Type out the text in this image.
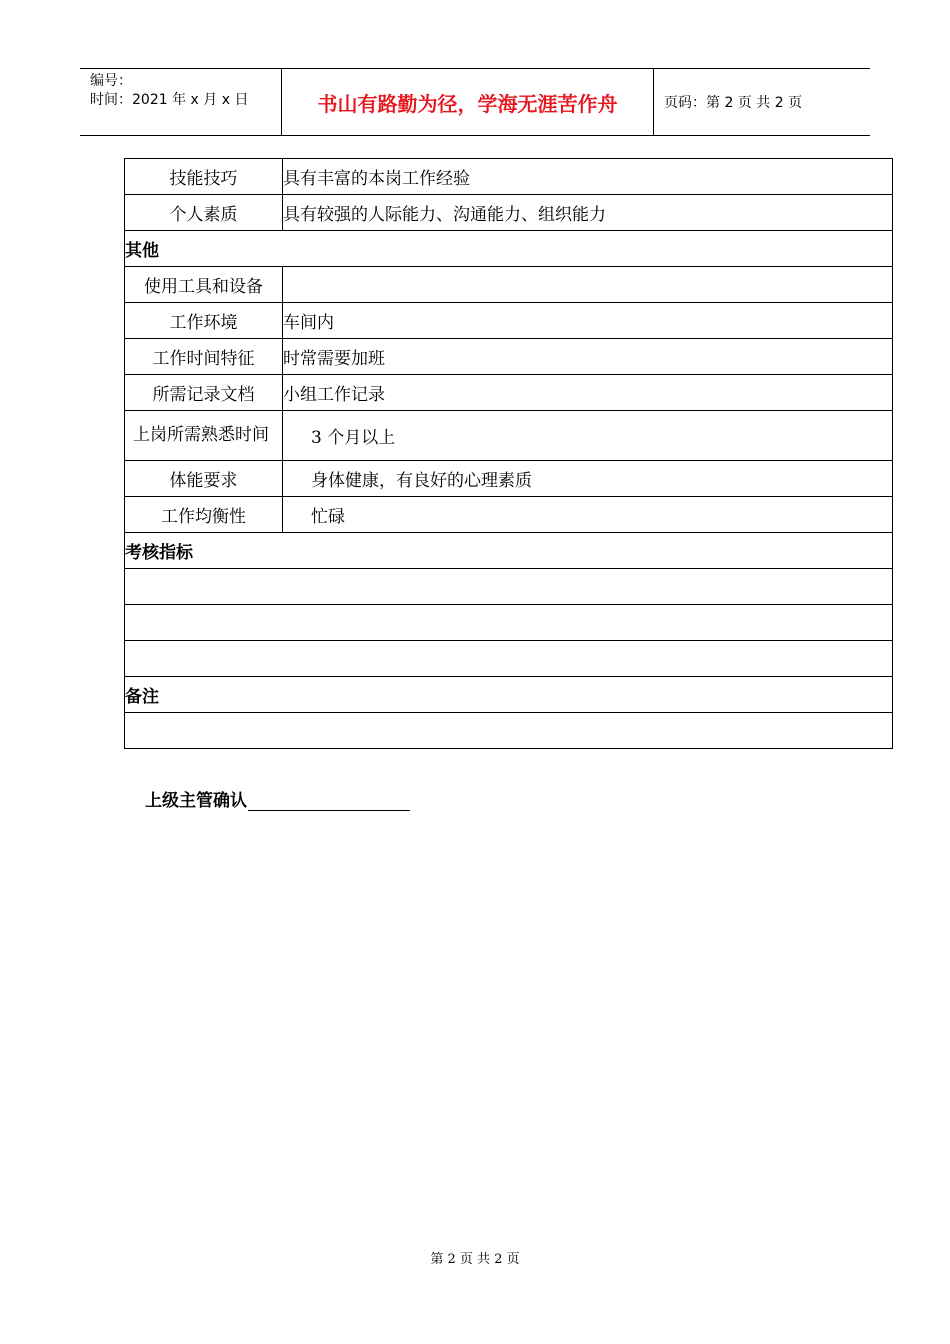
编号：
时间：2021 年 x 月 x 日	书山有路勤为径，学海无涯苦作舟	页码：第 2 页 共 2 页
技能技巧	具有丰富的本岗工作经验
个人素质	具有较强的人际能力、沟通能力、组织能力
其他	
使用工具和设备	
工作环境	车间内
工作时间特征	时常需要加班
所需记录文档	小组工作记录
上岗所需熟悉时间	3 个月以上
体能要求	身体健康，有良好的心理素质
工作均衡性	忙碌
考核指标	

备注	

上级主管确认
第 2 页 共 2 页
